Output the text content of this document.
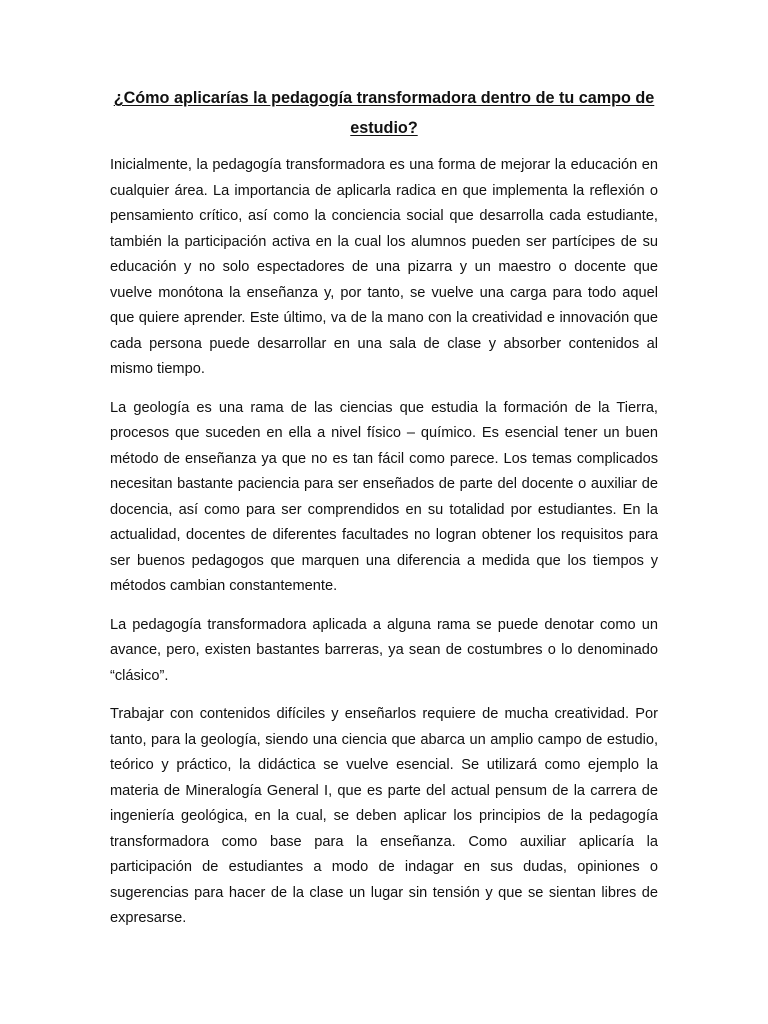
¿Cómo aplicarías la pedagogía transformadora dentro de tu campo de estudio?

Inicialmente, la pedagogía transformadora es una forma de mejorar la educación en cualquier área. La importancia de aplicarla radica en que implementa la reflexión o pensamiento crítico, así como la conciencia social que desarrolla cada estudiante, también la participación activa en la cual los alumnos pueden ser partícipes de su educación y no solo espectadores de una pizarra y un maestro o docente que vuelve monótona la enseñanza y, por tanto, se vuelve una carga para todo aquel que quiere aprender. Este último, va de la mano con la creatividad e innovación que cada persona puede desarrollar en una sala de clase y absorber contenidos al mismo tiempo.

La geología es una rama de las ciencias que estudia la formación de la Tierra, procesos que suceden en ella a nivel físico – químico. Es esencial tener un buen método de enseñanza ya que no es tan fácil como parece. Los temas complicados necesitan bastante paciencia para ser enseñados de parte del docente o auxiliar de docencia, así como para ser comprendidos en su totalidad por estudiantes. En la actualidad, docentes de diferentes facultades no logran obtener los requisitos para ser buenos pedagogos que marquen una diferencia a medida que los tiempos y métodos cambian constantemente.

La pedagogía transformadora aplicada a alguna rama se puede denotar como un avance, pero, existen bastantes barreras, ya sean de costumbres o lo denominado “clásico”.

Trabajar con contenidos difíciles y enseñarlos requiere de mucha creatividad. Por tanto, para la geología, siendo una ciencia que abarca un amplio campo de estudio, teórico y práctico, la didáctica se vuelve esencial. Se utilizará como ejemplo la materia de Mineralogía General I, que es parte del actual pensum de la carrera de ingeniería geológica, en la cual, se deben aplicar los principios de la pedagogía transformadora como base para la enseñanza. Como auxiliar aplicaría la participación de estudiantes a modo de indagar en sus dudas, opiniones o sugerencias para hacer de la clase un lugar sin tensión y que se sientan libres de expresarse.
